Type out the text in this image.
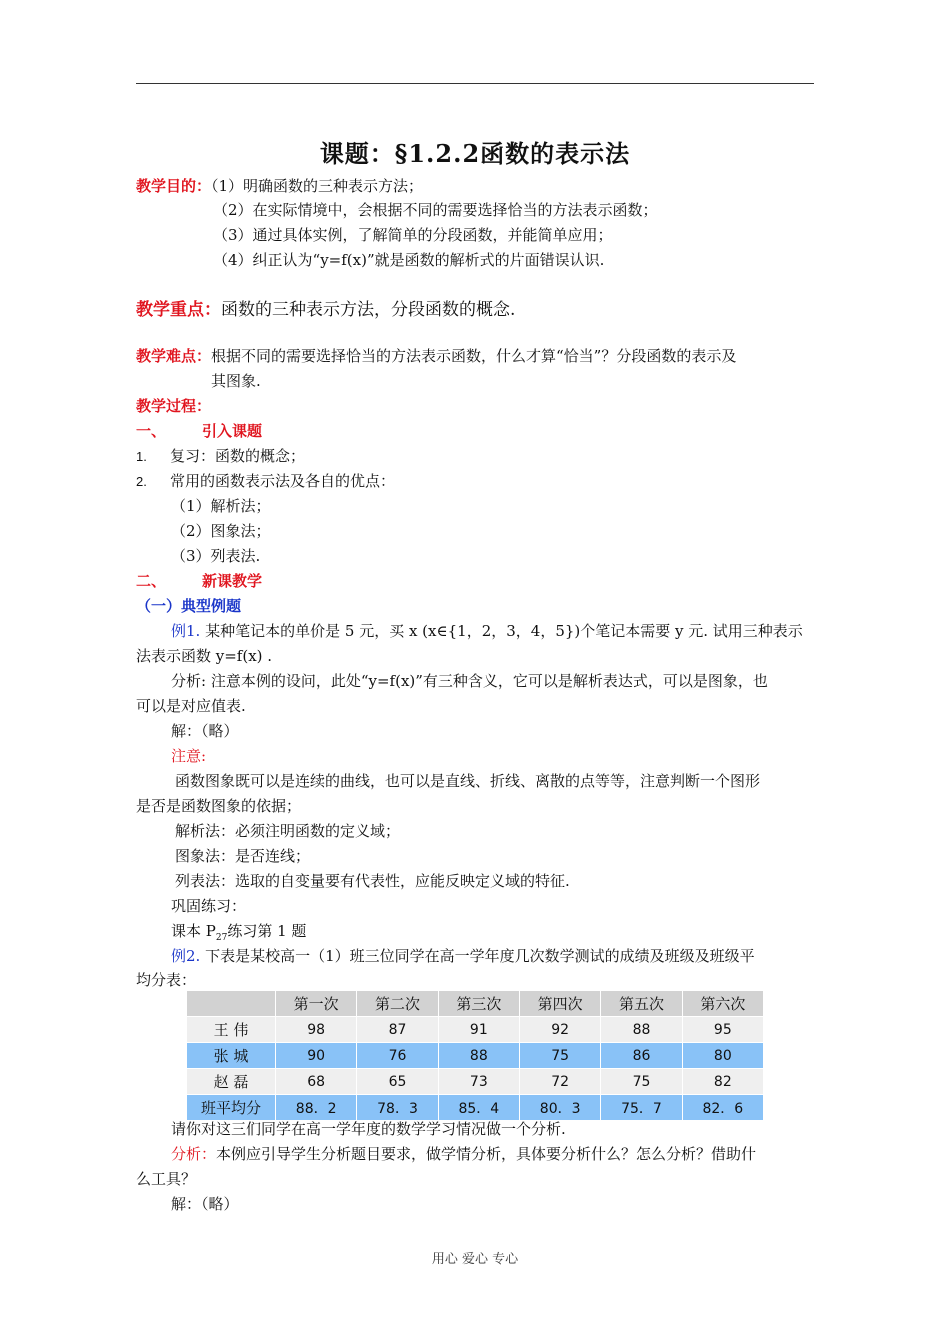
课题：§1.2.2函数的表示法
教学目的：（1）明确函数的三种表示方法；
（2）在实际情境中，会根据不同的需要选择恰当的方法表示函数；
（3）通过具体实例，了解简单的分段函数，并能简单应用；
（4）纠正认为“y=f(x)”就是函数的解析式的片面错误认识.
教学重点：函数的三种表示方法，分段函数的概念.
教学难点：根据不同的需要选择恰当的方法表示函数，什么才算“恰当”？分段函数的表示及
其图象.
教学过程：
一、 引入课题
1. 复习：函数的概念；
2. 常用的函数表示法及各自的优点：
（1）解析法；
（2）图象法；
（3）列表法.
二、 新课教学
（一）典型例题
例1. 某种笔记本的单价是 5 元，买 x (x∈{1，2，3，4，5})个笔记本需要 y 元. 试用三种表示
法表示函数 y=f(x) .
分析: 注意本例的设问，此处“y=f(x)”有三种含义，它可以是解析表达式，可以是图象，也
可以是对应值表.
解：（略）
注意:
函数图象既可以是连续的曲线，也可以是直线、折线、离散的点等等，注意判断一个图形
是否是函数图象的依据；
解析法：必须注明函数的定义域；
图象法：是否连线；
列表法：选取的自变量要有代表性，应能反映定义域的特征.
巩固练习：
课本 $P_{27}$练习第 1 题
例2. 下表是某校高一（1）班三位同学在高一学年度几次数学测试的成绩及班级及班级平
均分表：
	第一次	第二次	第三次	第四次	第五次	第六次
王 伟	98	87	91	92	88	95
张 城	90	76	88	75	86	80
赵 磊	68	65	73	72	75	82
班平均分	88．2	78．3	85．4	80．3	75．7	82．6
请你对这三们同学在高一学年度的数学学习情况做一个分析.
分析：本例应引导学生分析题目要求，做学情分析，具体要分析什么？怎么分析？借助什
么工具？
解：（略）
用心 爱心 专心
